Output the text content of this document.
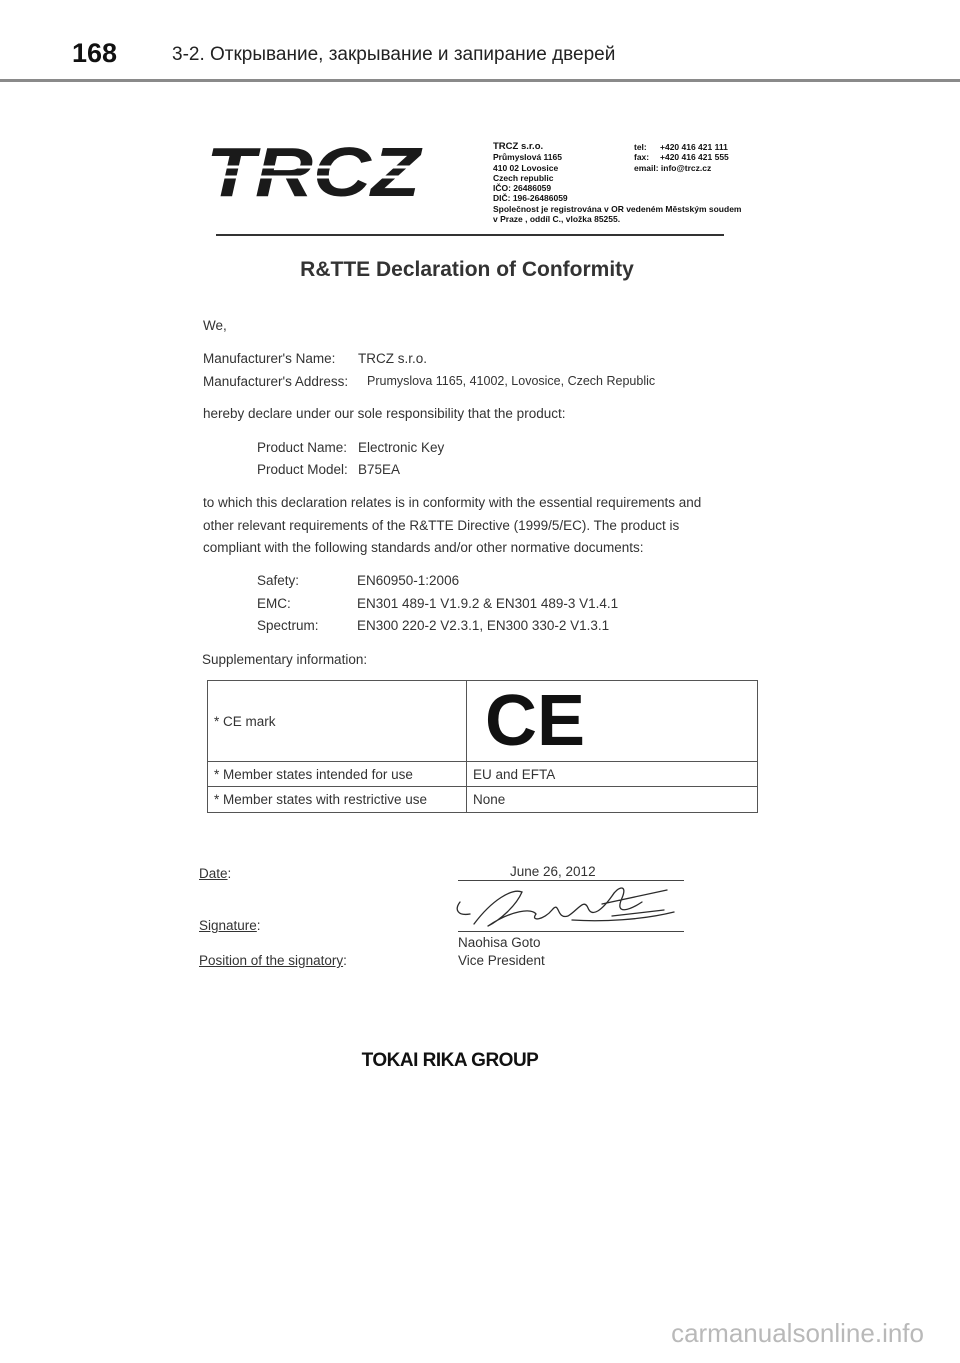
168	3-2. Открывание, закрывание и запирание дверей
TRCZ	TRCZ s.r.o.
Průmyslová 1165
410 02 Lovosice
Czech republic
IČO: 26486059
DIČ: 196-26486059
Společnost je registrována v OR vedeném Městským soudem
v Praze , oddíl C., vložka 85255.
tel: +420 416 421 111
fax: +420 416 421 555
email: info@trcz.cz
R&TTE Declaration of Conformity
We,
Manufacturer's Name: TRCZ s.r.o.
Manufacturer's Address: Prumyslova 1165, 41002, Lovosice, Czech Republic
hereby declare under our sole responsibility that the product:
Product Name: Electronic Key
Product Model: B75EA
to which this declaration relates is in conformity with the essential requirements and other relevant requirements of the R&TTE Directive (1999/5/EC). The product is compliant with the following standards and/or other normative documents:
Safety:	EN60950-1:2006
EMC:	EN301 489-1 V1.9.2 & EN301 489-3 V1.4.1
Spectrum:	EN300 220-2 V2.3.1, EN300 330-2 V1.3.1
Supplementary information:
* CE mark	CE

* Member states intended for use	EU and EFTA
* Member states with restrictive use	None
Date:	June 26, 2012
Signature:
Naohisa Goto
Position of the signatory:	Vice President
TOKAI RIKA GROUP
carmanualsonline.info
